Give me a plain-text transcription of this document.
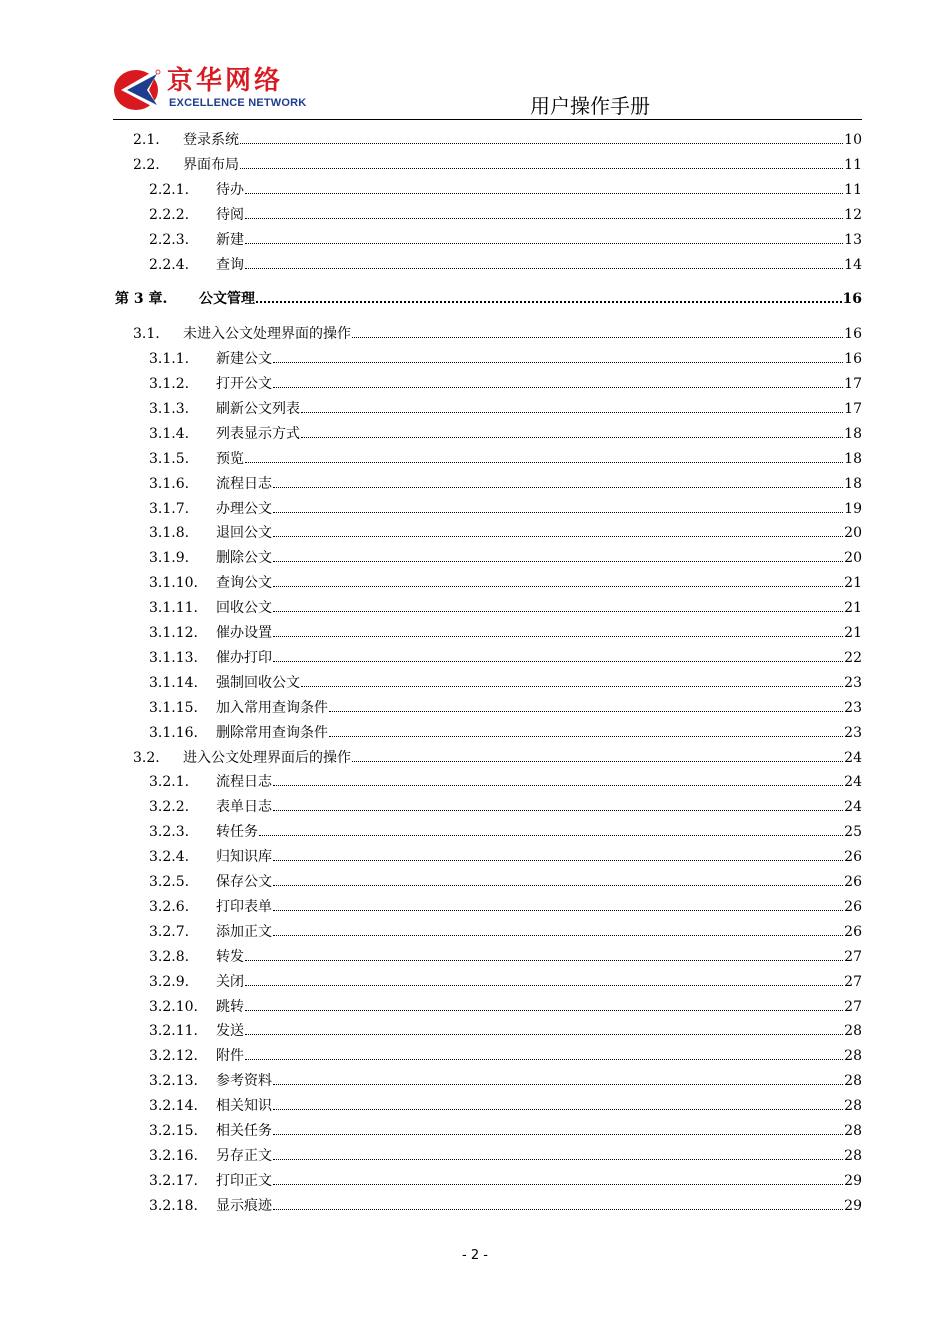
京华网络
EXCELLENCE NETWORK	用户操作手册
2.1. 登录系统	10
2.2. 界面布局	11
2.2.1. 待办	11
2.2.2. 待阅	12
2.2.3. 新建	13
2.2.4. 查询	14
第 3 章. 公文管理	16
3.1. 未进入公文处理界面的操作	16
3.1.1. 新建公文	16
3.1.2. 打开公文	17
3.1.3. 刷新公文列表	17
3.1.4. 列表显示方式	18
3.1.5. 预览	18
3.1.6. 流程日志	18
3.1.7. 办理公文	19
3.1.8. 退回公文	20
3.1.9. 删除公文	20
3.1.10. 查询公文	21
3.1.11. 回收公文	21
3.1.12. 催办设置	21
3.1.13. 催办打印	22
3.1.14. 强制回收公文	23
3.1.15. 加入常用查询条件	23
3.1.16. 删除常用查询条件	23
3.2. 进入公文处理界面后的操作	24
3.2.1. 流程日志	24
3.2.2. 表单日志	24
3.2.3. 转任务	25
3.2.4. 归知识库	26
3.2.5. 保存公文	26
3.2.6. 打印表单	26
3.2.7. 添加正文	26
3.2.8. 转发	27
3.2.9. 关闭	27
3.2.10. 跳转	27
3.2.11. 发送	28
3.2.12. 附件	28
3.2.13. 参考资料	28
3.2.14. 相关知识	28
3.2.15. 相关任务	28
3.2.16. 另存正文	28
3.2.17. 打印正文	29
3.2.18. 显示痕迹	29
- 2 -
